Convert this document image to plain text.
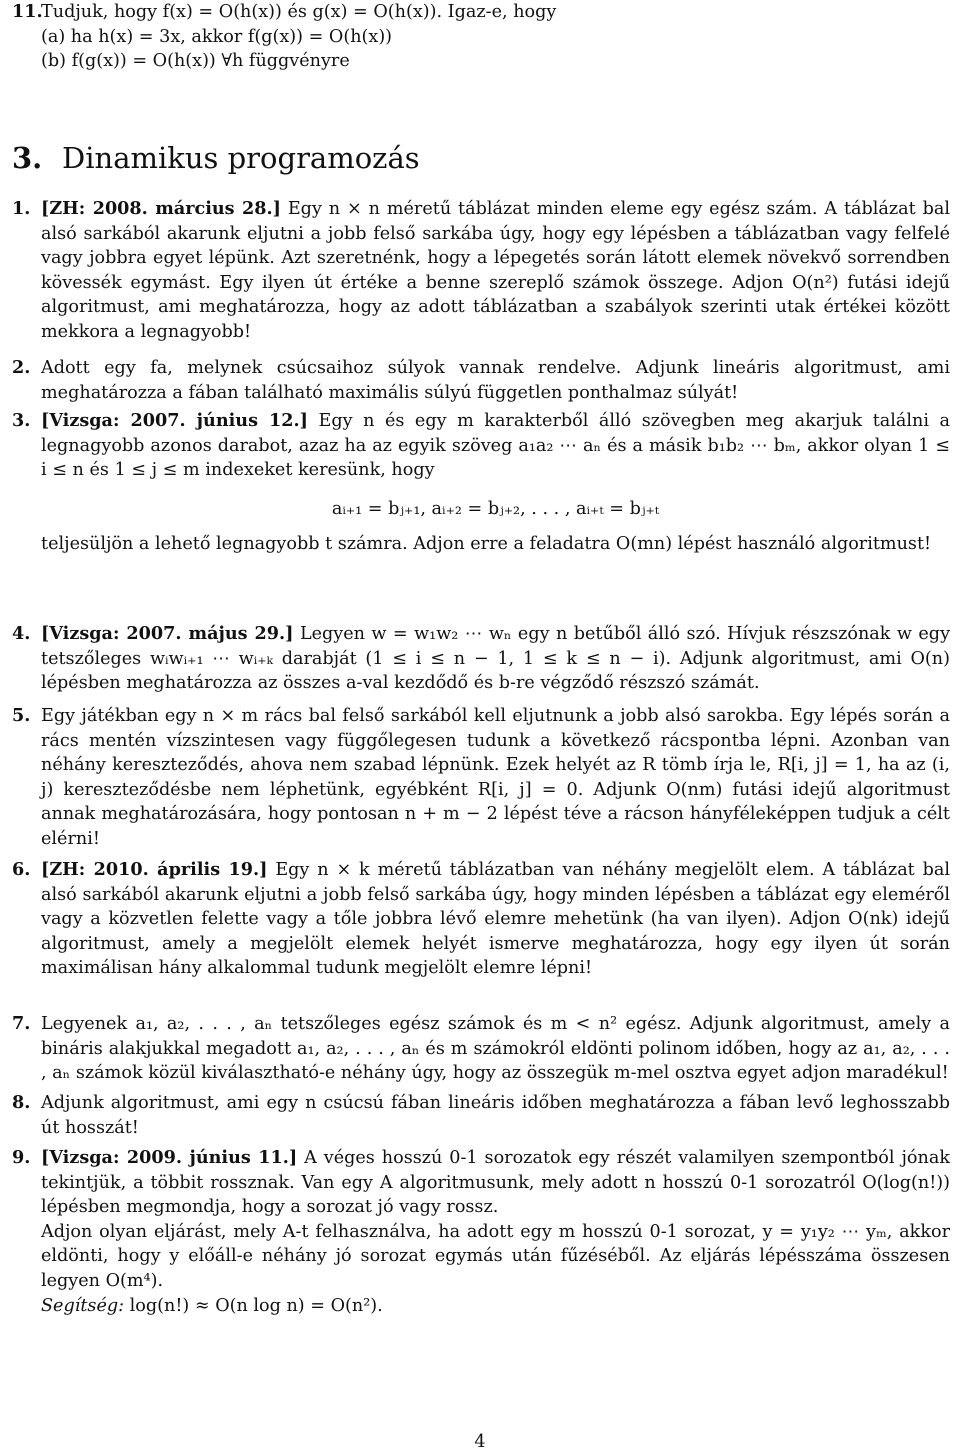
11.
Tudjuk, hogy f(x) = O(h(x)) és g(x) = O(h(x)). Igaz-e, hogy
(a) ha h(x) = 3x, akkor f(g(x)) = O(h(x))
(b) f(g(x)) = O(h(x)) ∀h függvényre
3. Dinamikus programozás
1. [ZH: 2008. március 28.] Egy n × n méretű táblázat minden eleme egy egész szám. A táblázat bal alsó sarkából akarunk eljutni a jobb felső sarkába úgy, hogy egy lépésben a táblázatban vagy felfelé vagy jobbra egyet lépünk. Azt szeretnénk, hogy a lépegetés során látott elemek növekvő sorrendben kövessék egymást. Egy ilyen út értéke a benne szereplő számok összege. Adjon O(n²) futási idejű algoritmust, ami meghatározza, hogy az adott táblázatban a szabályok szerinti utak értékei között mekkora a legnagyobb!
2. Adott egy fa, melynek csúcsaihoz súlyok vannak rendelve. Adjunk lineáris algoritmust, ami meghatározza a fában található maximális súlyú független ponthalmaz súlyát!
3. [Vizsga: 2007. június 12.] Egy n és egy m karakterből álló szövegben meg akarjuk találni a legnagyobb azonos darabot, azaz ha az egyik szöveg a₁a₂ ⋯ aₙ és a másik b₁b₂ ⋯ bₘ, akkor olyan 1 ≤ i ≤ n és 1 ≤ j ≤ m indexeket keresünk, hogy
aᵢ₊₁ = bⱼ₊₁, aᵢ₊₂ = bⱼ₊₂, . . . , aᵢ₊ₜ = bⱼ₊ₜ
teljesüljön a lehető legnagyobb t számra. Adjon erre a feladatra O(mn) lépést használó algoritmust!
4. [Vizsga: 2007. május 29.] Legyen w = w₁w₂ ⋯ wₙ egy n betűből álló szó. Hívjuk részszónak w egy tetszőleges wᵢwᵢ₊₁ ⋯ wᵢ₊ₖ darabját (1 ≤ i ≤ n − 1, 1 ≤ k ≤ n − i). Adjunk algoritmust, ami O(n) lépésben meghatározza az összes a-val kezdődő és b-re végződő részszó számát.
5. Egy játékban egy n × m rács bal felső sarkából kell eljutnunk a jobb alsó sarokba. Egy lépés során a rács mentén vízszintesen vagy függőlegesen tudunk a következő rácspontba lépni. Azonban van néhány kereszteződés, ahova nem szabad lépnünk. Ezek helyét az R tömb írja le, R[i, j] = 1, ha az (i, j) kereszteződésbe nem léphetünk, egyébként R[i, j] = 0. Adjunk O(nm) futási idejű algoritmust annak meghatározására, hogy pontosan n + m − 2 lépést téve a rácson hányféleképpen tudjuk a célt elérni!
6. [ZH: 2010. április 19.] Egy n × k méretű táblázatban van néhány megjelölt elem. A táblázat bal alsó sarkából akarunk eljutni a jobb felső sarkába úgy, hogy minden lépésben a táblázat egy eleméről vagy a közvetlen felette vagy a tőle jobbra lévő elemre mehetünk (ha van ilyen). Adjon O(nk) idejű algoritmust, amely a megjelölt elemek helyét ismerve meghatározza, hogy egy ilyen út során maximálisan hány alkalommal tudunk megjelölt elemre lépni!
7. Legyenek a₁, a₂, . . . , aₙ tetszőleges egész számok és m < n² egész. Adjunk algoritmust, amely a bináris alakjukkal megadott a₁, a₂, . . . , aₙ és m számokról eldönti polinom időben, hogy az a₁, a₂, . . . , aₙ számok közül kiválasztható-e néhány úgy, hogy az összegük m-mel osztva egyet adjon maradékul!
8. Adjunk algoritmust, ami egy n csúcsú fában lineáris időben meghatározza a fában levő leghosszabb út hosszát!
9. [Vizsga: 2009. június 11.] A véges hosszú 0-1 sorozatok egy részét valamilyen szempontból jónak tekintjük, a többit rossznak. Van egy A algoritmusunk, mely adott n hosszú 0-1 sorozatról O(log(n!)) lépésben megmondja, hogy a sorozat jó vagy rossz.
Adjon olyan eljárást, mely A-t felhasználva, ha adott egy m hosszú 0-1 sorozat, y = y₁y₂ ⋯ yₘ, akkor eldönti, hogy y előáll-e néhány jó sorozat egymás után fűzéséből. Az eljárás lépésszáma összesen legyen O(m⁴).
Segítség: log(n!) ≈ O(n log n) = O(n²).
4
